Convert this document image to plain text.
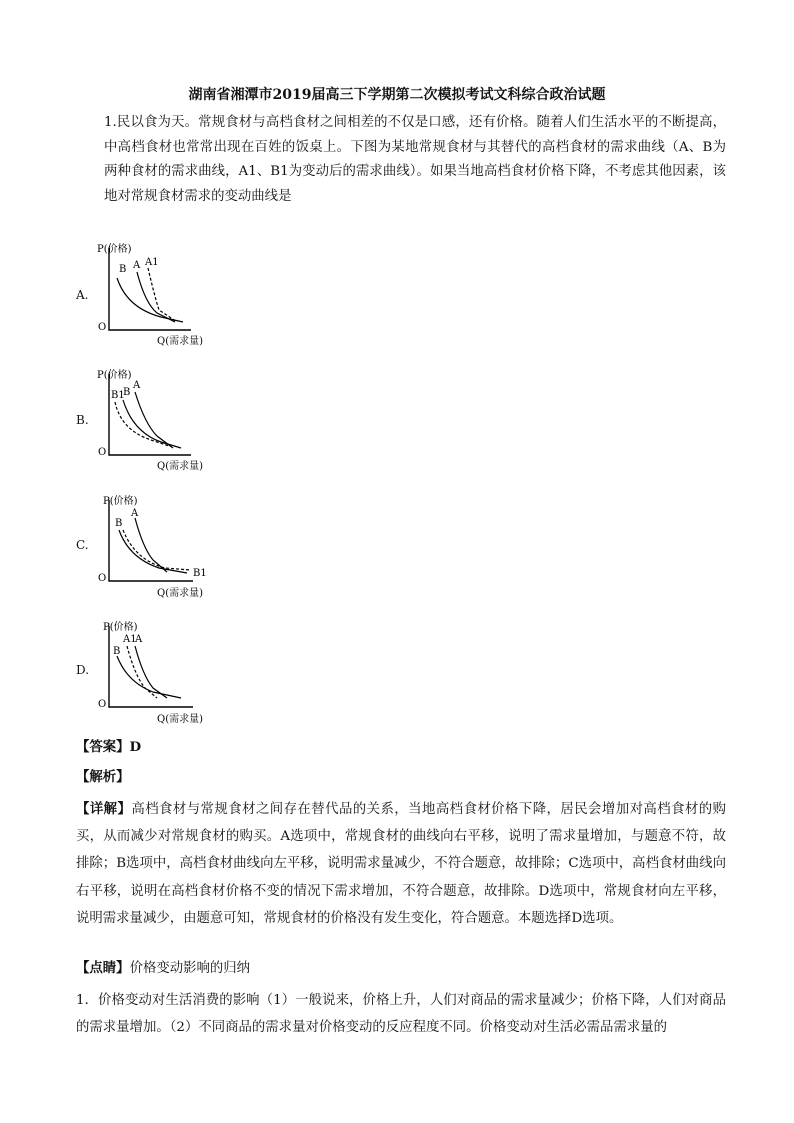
湖南省湘潭市2019届高三下学期第二次模拟考试文科综合政治试题
1.民以食为天。常规食材与高档食材之间相差的不仅是口感，还有价格。随着人们生活水平的不断提高，中高档食材也常常出现在百姓的饭桌上。下图为某地常规食材与其替代的高档食材的需求曲线（A、B为两种食材的需求曲线，A1、B1为变动后的需求曲线）。如果当地高档食材价格下降，不考虑其他因素，该地对常规食材需求的变动曲线是
A.
P(价格)
O
Q(需求量)
B A A1
B.
P(价格)
O
Q(需求量)
B1
B
A
C.
P(价格)
O
Q(需求量)
B
A
B1
D.
P(价格)
O
Q(需求量)
A1
A
B
【答案】D
【解析】
【详解】高档食材与常规食材之间存在替代品的关系，当地高档食材价格下降，居民会增加对高档食材的购买，从而减少对常规食材的购买。A选项中，常规食材的曲线向右平移，说明了需求量增加，与题意不符，故排除；B选项中，高档食材曲线向左平移，说明需求量减少，不符合题意，故排除；C选项中，高档食材曲线向右平移，说明在高档食材价格不变的情况下需求增加，不符合题意，故排除。D选项中，常规食材向左平移，说明需求量减少，由题意可知，常规食材的价格没有发生变化，符合题意。本题选择D选项。
【点睛】价格变动影响的归纳
1．价格变动对生活消费的影响（1）一般说来，价格上升，人们对商品的需求量减少；价格下降，人们对商品的需求量增加。（2）不同商品的需求量对价格变动的反应程度不同。价格变动对生活必需品需求量的
